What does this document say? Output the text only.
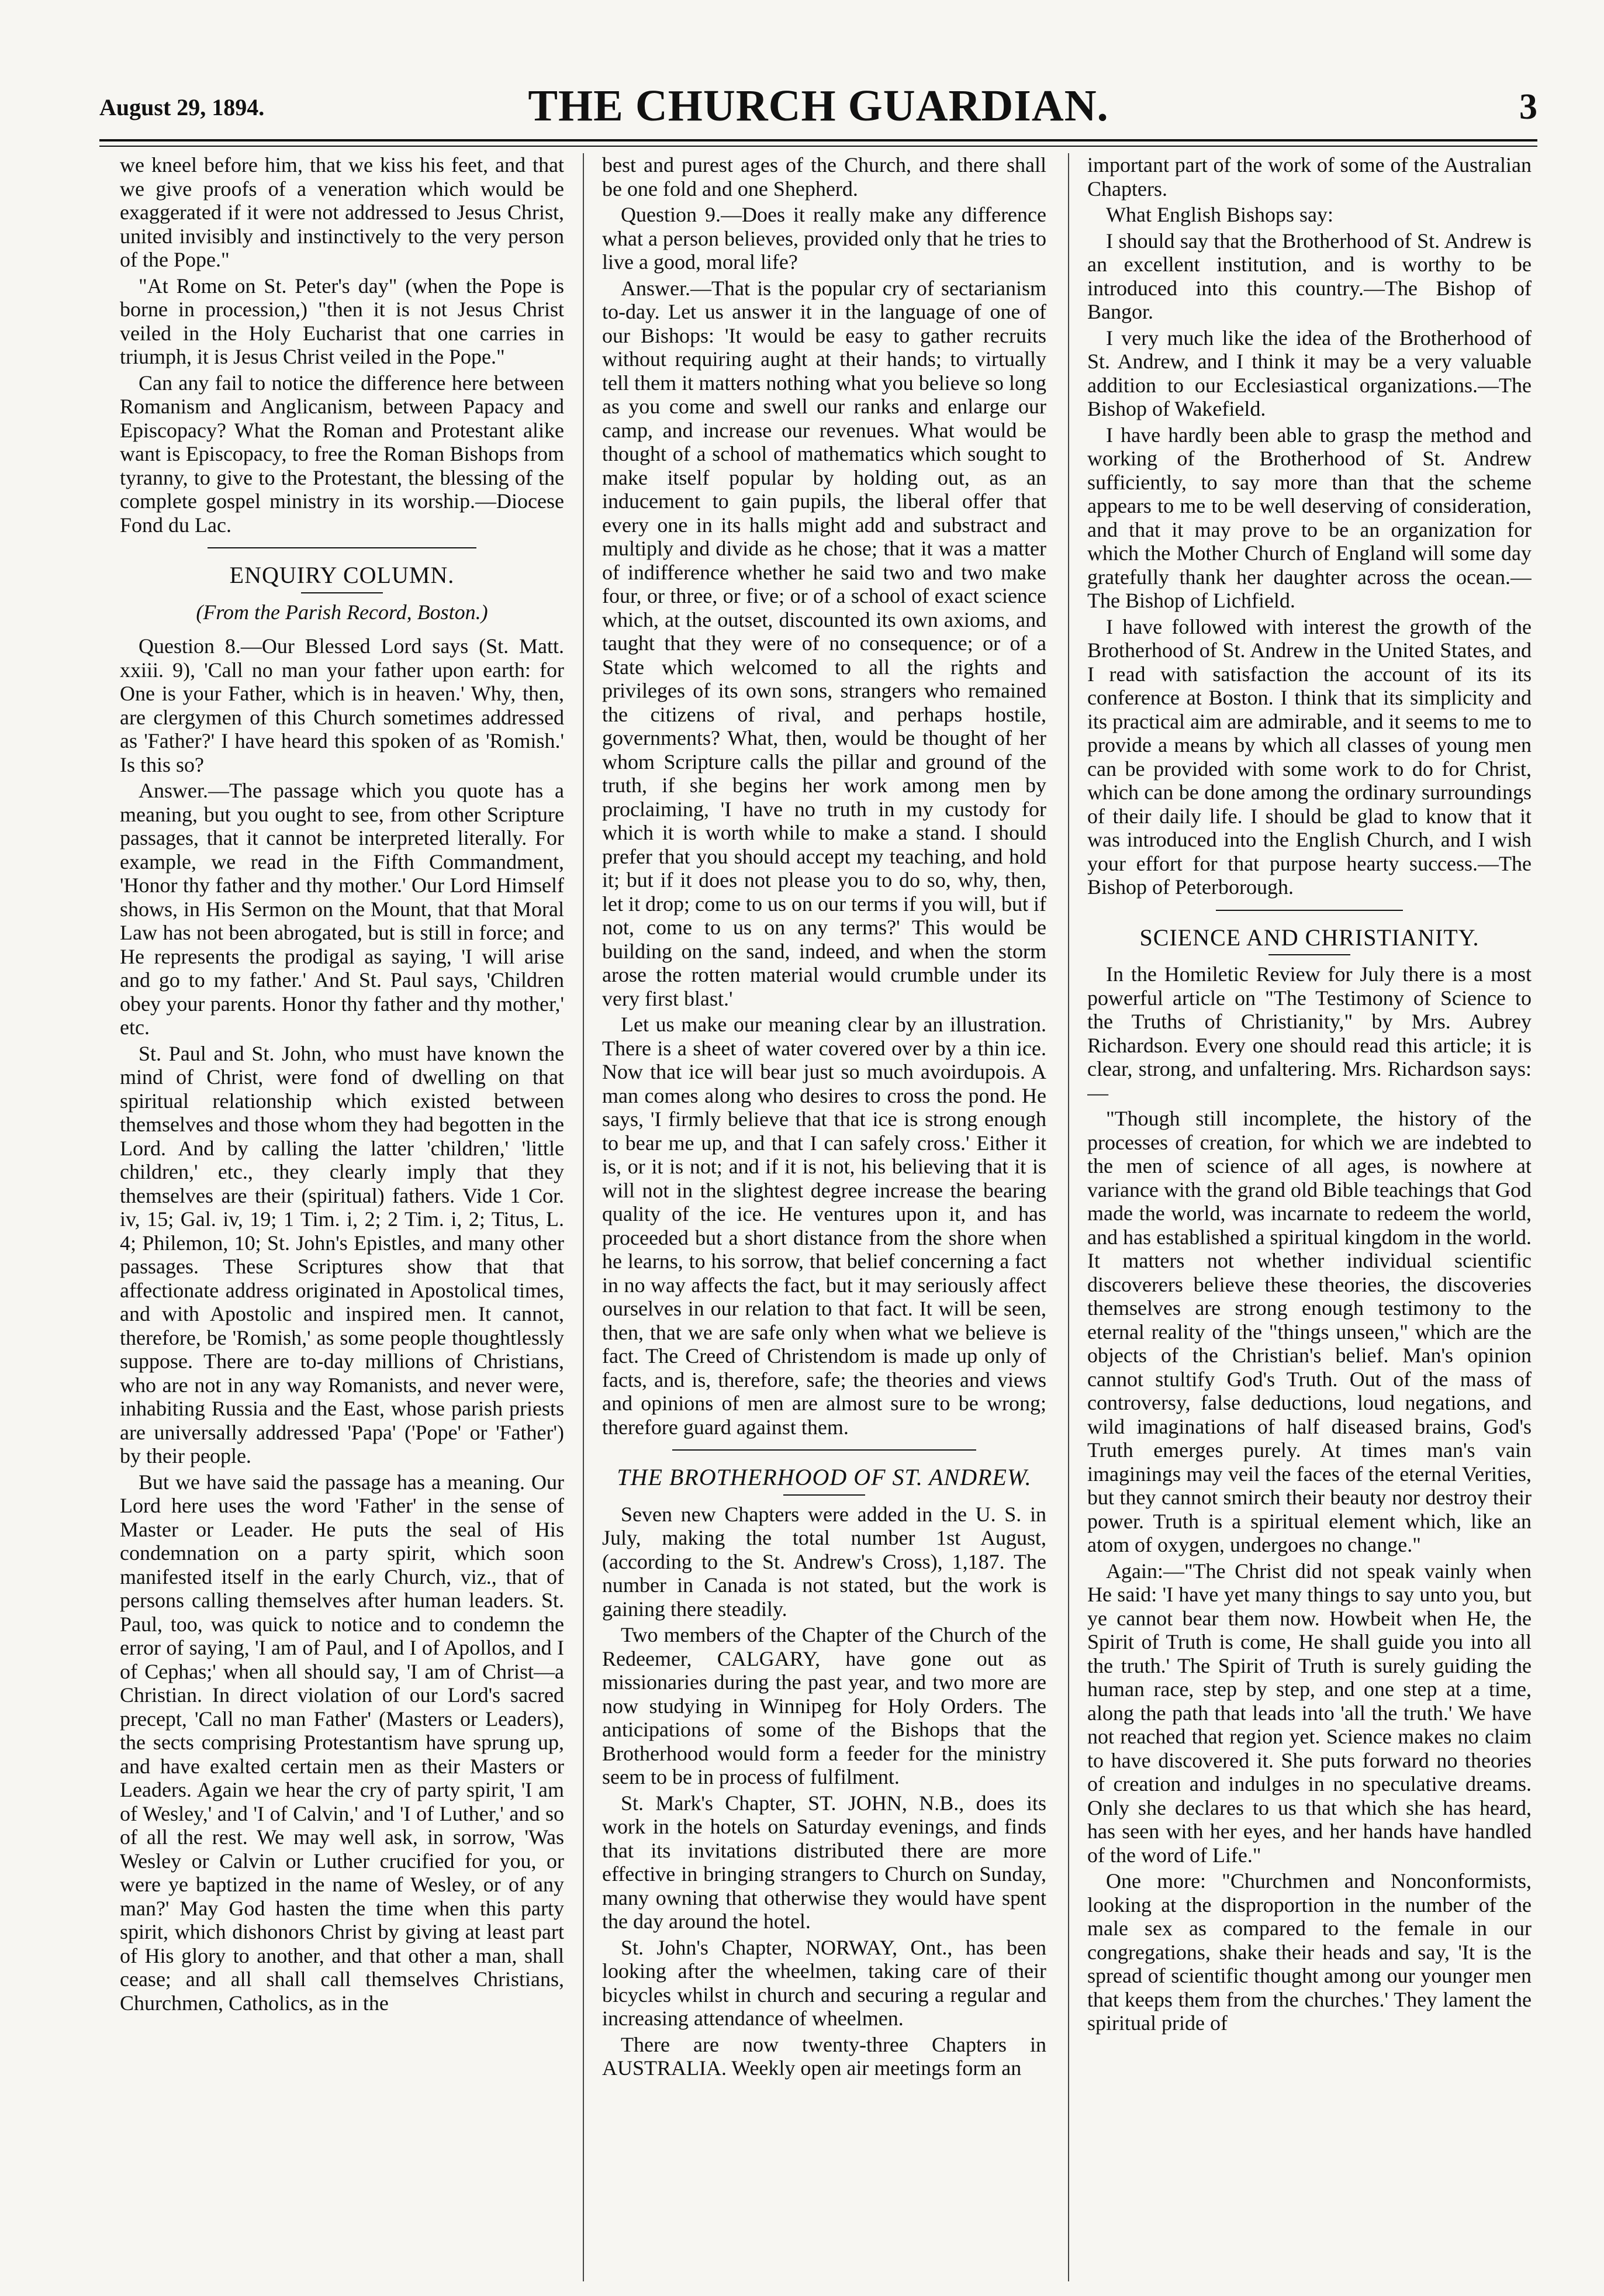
August 29, 1894.	THE CHURCH GUARDIAN.	3

we kneel before him, that we kiss his feet, and that we give proofs of a veneration which would be exaggerated if it were not addressed to Jesus Christ, united invisibly and instinctively to the very person of the Pope."

"At Rome on St. Peter's day" (when the Pope is borne in procession,) "then it is not Jesus Christ veiled in the Holy Eucharist that one carries in triumph, it is Jesus Christ veiled in the Pope."

Can any fail to notice the difference here between Romanism and Anglicanism, between Papacy and Episcopacy? What the Roman and Protestant alike want is Episcopacy, to free the Roman Bishops from tyranny, to give to the Protestant, the blessing of the complete gospel ministry in its worship.—Diocese Fond du Lac.

ENQUIRY COLUMN.
(From the Parish Record, Boston.)

Question 8.—Our Blessed Lord says (St. Matt. xxiii. 9), 'Call no man your father upon earth: for One is your Father, which is in heaven.' Why, then, are clergymen of this Church sometimes addressed as 'Father?' I have heard this spoken of as 'Romish.' Is this so?

Answer.—The passage which you quote has a meaning, but you ought to see, from other Scripture passages, that it cannot be interpreted literally. For example, we read in the Fifth Commandment, 'Honor thy father and thy mother.' Our Lord Himself shows, in His Sermon on the Mount, that that Moral Law has not been abrogated, but is still in force; and He represents the prodigal as saying, 'I will arise and go to my father.' And St. Paul says, 'Children obey your parents. Honor thy father and thy mother,' etc.

St. Paul and St. John, who must have known the mind of Christ, were fond of dwelling on that spiritual relationship which existed between themselves and those whom they had begotten in the Lord. And by calling the latter 'children,' 'little children,' etc., they clearly imply that they themselves are their (spiritual) fathers. Vide 1 Cor. iv, 15; Gal. iv, 19; 1 Tim. i, 2; 2 Tim. i, 2; Titus, L. 4; Philemon, 10; St. John's Epistles, and many other passages. These Scriptures show that that affectionate address originated in Apostolical times, and with Apostolic and inspired men. It cannot, therefore, be 'Romish,' as some people thoughtlessly suppose. There are to-day millions of Christians, who are not in any way Romanists, and never were, inhabiting Russia and the East, whose parish priests are universally addressed 'Papa' ('Pope' or 'Father') by their people.

But we have said the passage has a meaning. Our Lord here uses the word 'Father' in the sense of Master or Leader. He puts the seal of His condemnation on a party spirit, which soon manifested itself in the early Church, viz., that of persons calling themselves after human leaders. St. Paul, too, was quick to notice and to condemn the error of saying, 'I am of Paul, and I of Apollos, and I of Cephas;' when all should say, 'I am of Christ—a Christian. In direct violation of our Lord's sacred precept, 'Call no man Father' (Masters or Leaders), the sects comprising Protestantism have sprung up, and have exalted certain men as their Masters or Leaders. Again we hear the cry of party spirit, 'I am of Wesley,' and 'I of Calvin,' and 'I of Luther,' and so of all the rest. We may well ask, in sorrow, 'Was Wesley or Calvin or Luther crucified for you, or were ye baptized in the name of Wesley, or of any man?' May God hasten the time when this party spirit, which dishonors Christ by giving at least part of His glory to another, and that other a man, shall cease; and all shall call themselves Christians, Churchmen, Catholics, as in the

best and purest ages of the Church, and there shall be one fold and one Shepherd.

Question 9.—Does it really make any difference what a person believes, provided only that he tries to live a good, moral life?

Answer.—That is the popular cry of sectarianism to-day. Let us answer it in the language of one of our Bishops: 'It would be easy to gather recruits without requiring aught at their hands; to virtually tell them it matters nothing what you believe so long as you come and swell our ranks and enlarge our camp, and increase our revenues. What would be thought of a school of mathematics which sought to make itself popular by holding out, as an inducement to gain pupils, the liberal offer that every one in its halls might add and substract and multiply and divide as he chose; that it was a matter of indifference whether he said two and two make four, or three, or five; or of a school of exact science which, at the outset, discounted its own axioms, and taught that they were of no consequence; or of a State which welcomed to all the rights and privileges of its own sons, strangers who remained the citizens of rival, and perhaps hostile, governments? What, then, would be thought of her whom Scripture calls the pillar and ground of the truth, if she begins her work among men by proclaiming, 'I have no truth in my custody for which it is worth while to make a stand. I should prefer that you should accept my teaching, and hold it; but if it does not please you to do so, why, then, let it drop; come to us on our terms if you will, but if not, come to us on any terms?' This would be building on the sand, indeed, and when the storm arose the rotten material would crumble under its very first blast.'

Let us make our meaning clear by an illustration. There is a sheet of water covered over by a thin ice. Now that ice will bear just so much avoirdupois. A man comes along who desires to cross the pond. He says, 'I firmly believe that that ice is strong enough to bear me up, and that I can safely cross.' Either it is, or it is not; and if it is not, his believing that it is will not in the slightest degree increase the bearing quality of the ice. He ventures upon it, and has proceeded but a short distance from the shore when he learns, to his sorrow, that belief concerning a fact in no way affects the fact, but it may seriously affect ourselves in our relation to that fact. It will be seen, then, that we are safe only when what we believe is fact. The Creed of Christendom is made up only of facts, and is, therefore, safe; the theories and views and opinions of men are almost sure to be wrong; therefore guard against them.

THE BROTHERHOOD OF ST. ANDREW.

Seven new Chapters were added in the U. S. in July, making the total number 1st August, (according to the St. Andrew's Cross), 1,187. The number in Canada is not stated, but the work is gaining there steadily.

Two members of the Chapter of the Church of the Redeemer, CALGARY, have gone out as missionaries during the past year, and two more are now studying in Winnipeg for Holy Orders. The anticipations of some of the Bishops that the Brotherhood would form a feeder for the ministry seem to be in process of fulfilment.

St. Mark's Chapter, ST. JOHN, N.B., does its work in the hotels on Saturday evenings, and finds that its invitations distributed there are more effective in bringing strangers to Church on Sunday, many owning that otherwise they would have spent the day around the hotel.

St. John's Chapter, NORWAY, Ont., has been looking after the wheelmen, taking care of their bicycles whilst in church and securing a regular and increasing attendance of wheelmen.

There are now twenty-three Chapters in AUSTRALIA. Weekly open air meetings form an

important part of the work of some of the Australian Chapters.

What English Bishops say:

I should say that the Brotherhood of St. Andrew is an excellent institution, and is worthy to be introduced into this country.—The Bishop of Bangor.

I very much like the idea of the Brotherhood of St. Andrew, and I think it may be a very valuable addition to our Ecclesiastical organizations.—The Bishop of Wakefield.

I have hardly been able to grasp the method and working of the Brotherhood of St. Andrew sufficiently, to say more than that the scheme appears to me to be well deserving of consideration, and that it may prove to be an organization for which the Mother Church of England will some day gratefully thank her daughter across the ocean.—The Bishop of Lichfield.

I have followed with interest the growth of the Brotherhood of St. Andrew in the United States, and I read with satisfaction the account of its its conference at Boston. I think that its simplicity and its practical aim are admirable, and it seems to me to provide a means by which all classes of young men can be provided with some work to do for Christ, which can be done among the ordinary surroundings of their daily life. I should be glad to know that it was introduced into the English Church, and I wish your effort for that purpose hearty success.—The Bishop of Peterborough.

SCIENCE AND CHRISTIANITY.

In the Homiletic Review for July there is a most powerful article on "The Testimony of Science to the Truths of Christianity," by Mrs. Aubrey Richardson. Every one should read this article; it is clear, strong, and unfaltering. Mrs. Richardson says:—

"Though still incomplete, the history of the processes of creation, for which we are indebted to the men of science of all ages, is nowhere at variance with the grand old Bible teachings that God made the world, was incarnate to redeem the world, and has established a spiritual kingdom in the world. It matters not whether individual scientific discoverers believe these theories, the discoveries themselves are strong enough testimony to the eternal reality of the "things unseen," which are the objects of the Christian's belief. Man's opinion cannot stultify God's Truth. Out of the mass of controversy, false deductions, loud negations, and wild imaginations of half diseased brains, God's Truth emerges purely. At times man's vain imaginings may veil the faces of the eternal Verities, but they cannot smirch their beauty nor destroy their power. Truth is a spiritual element which, like an atom of oxygen, undergoes no change."

Again:—"The Christ did not speak vainly when He said: 'I have yet many things to say unto you, but ye cannot bear them now. Howbeit when He, the Spirit of Truth is come, He shall guide you into all the truth.' The Spirit of Truth is surely guiding the human race, step by step, and one step at a time, along the path that leads into 'all the truth.' We have not reached that region yet. Science makes no claim to have discovered it. She puts forward no theories of creation and indulges in no speculative dreams. Only she declares to us that which she has heard, has seen with her eyes, and her hands have handled of the word of Life."

One more: "Churchmen and Nonconformists, looking at the disproportion in the number of the male sex as compared to the female in our congregations, shake their heads and say, 'It is the spread of scientific thought among our younger men that keeps them from the churches.' They lament the spiritual pride of
